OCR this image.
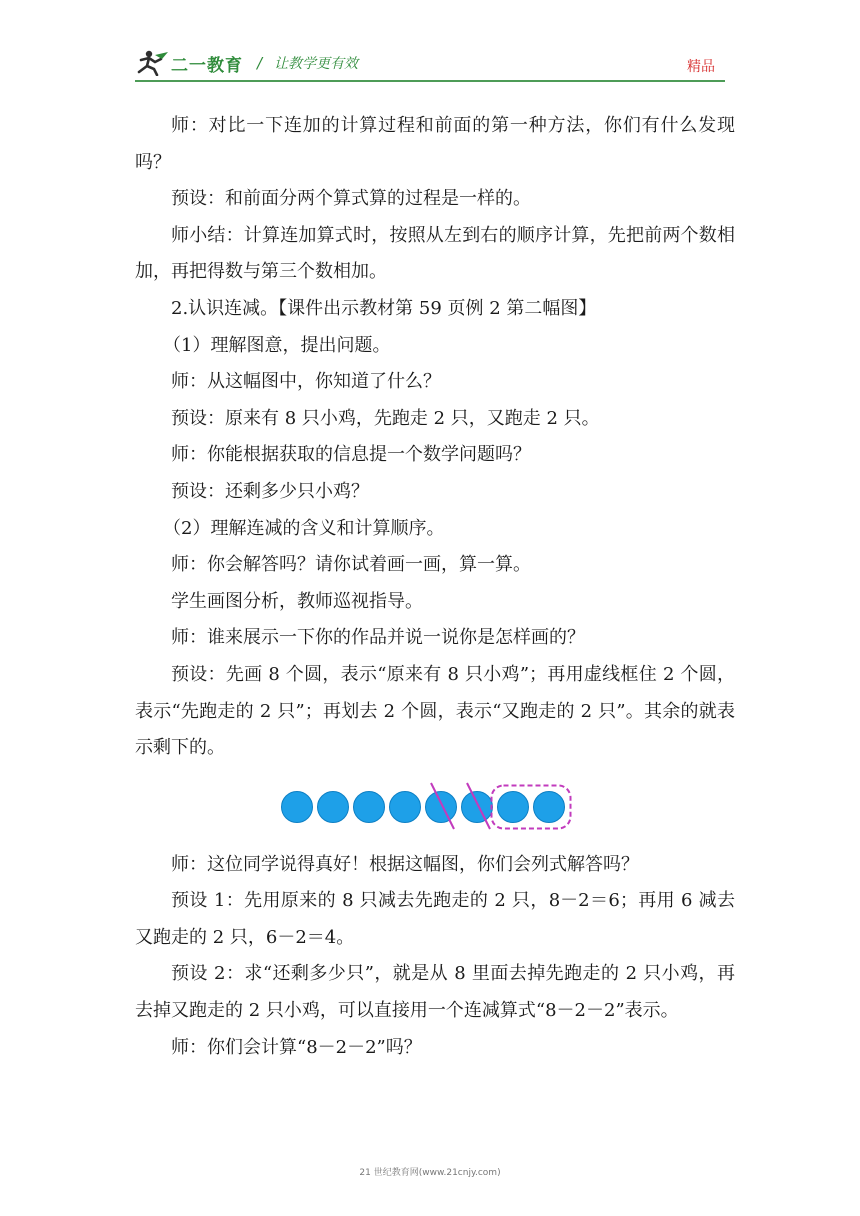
二一教育 / 让教学更有效	精品

师：对比一下连加的计算过程和前面的第一种方法，你们有什么发现吗？

预设：和前面分两个算式算的过程是一样的。

师小结：计算连加算式时，按照从左到右的顺序计算，先把前两个数相加，再把得数与第三个数相加。

2.认识连减。【课件出示教材第 59 页例 2 第二幅图】

（1）理解图意，提出问题。

师：从这幅图中，你知道了什么？

预设：原来有 8 只小鸡，先跑走 2 只，又跑走 2 只。

师：你能根据获取的信息提一个数学问题吗？

预设：还剩多少只小鸡？

（2）理解连减的含义和计算顺序。

师：你会解答吗？请你试着画一画，算一算。

学生画图分析，教师巡视指导。

师：谁来展示一下你的作品并说一说你是怎样画的？

预设：先画 8 个圆，表示“原来有 8 只小鸡”；再用虚线框住 2 个圆，表示“先跑走的 2 只”；再划去 2 个圆，表示“又跑走的 2 只”。其余的就表示剩下的。

师：这位同学说得真好！根据这幅图，你们会列式解答吗？

预设 1：先用原来的 8 只减去先跑走的 2 只，8－2＝6；再用 6 减去又跑走的 2 只，6－2＝4。

预设 2：求“还剩多少只”，就是从 8 里面去掉先跑走的 2 只小鸡，再去掉又跑走的 2 只小鸡，可以直接用一个连减算式“8－2－2”表示。

师：你们会计算“8－2－2”吗？

21 世纪教育网(www.21cnjy.com)
